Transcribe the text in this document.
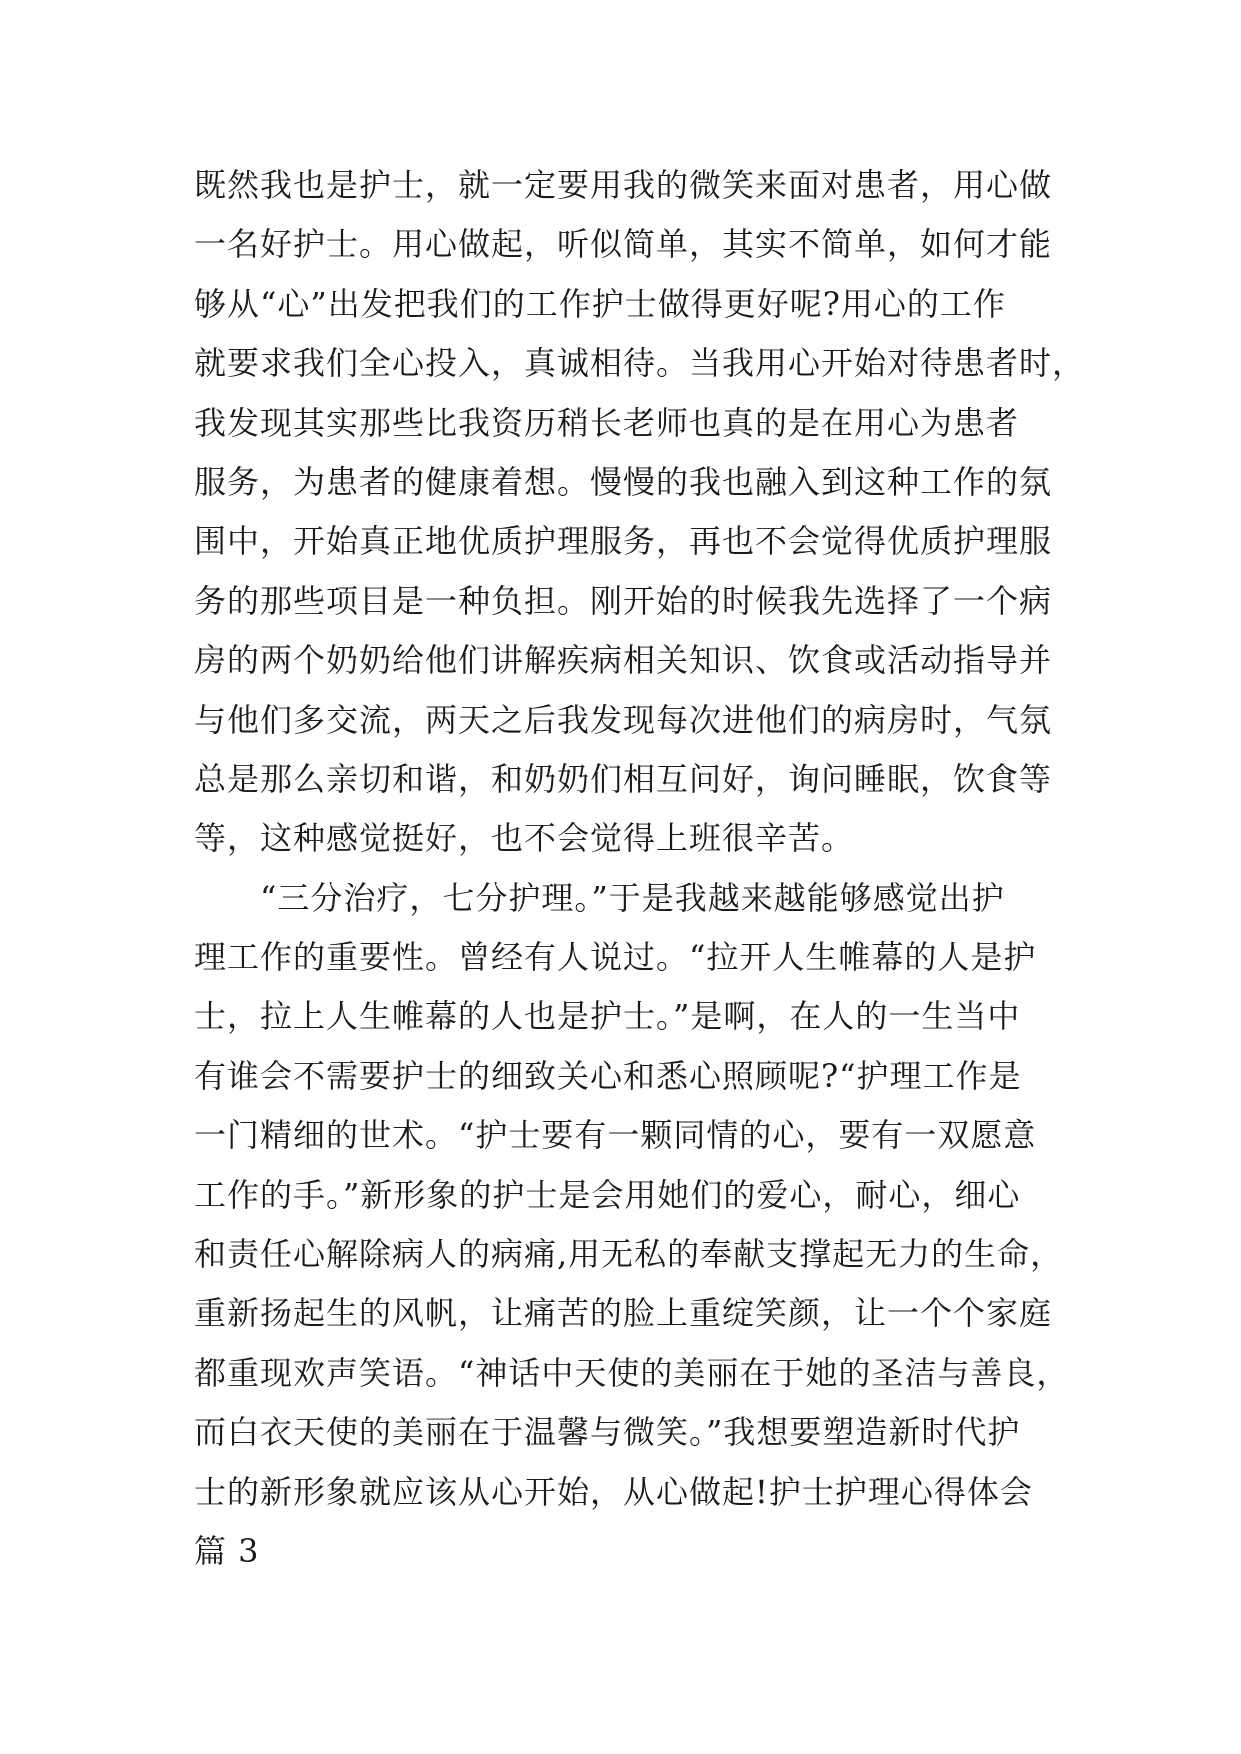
既然我也是护士，就一定要用我的微笑来面对患者，用心做
一名好护士。用心做起，听似简单，其实不简单，如何才能
够从“心”出发把我们的工作护士做得更好呢?用心的工作
就要求我们全心投入，真诚相待。当我用心开始对待患者时，
我发现其实那些比我资历稍长老师也真的是在用心为患者
服务，为患者的健康着想。慢慢的我也融入到这种工作的氛
围中，开始真正地优质护理服务，再也不会觉得优质护理服
务的那些项目是一种负担。刚开始的时候我先选择了一个病
房的两个奶奶给他们讲解疾病相关知识、饮食或活动指导并
与他们多交流，两天之后我发现每次进他们的病房时，气氛
总是那么亲切和谐，和奶奶们相互问好，询问睡眠，饮食等
等，这种感觉挺好，也不会觉得上班很辛苦。
　　“三分治疗，七分护理。”于是我越来越能够感觉出护
理工作的重要性。曾经有人说过。“拉开人生帷幕的人是护
士，拉上人生帷幕的人也是护士。”是啊，在人的一生当中
有谁会不需要护士的细致关心和悉心照顾呢?“护理工作是
一门精细的世术。“护士要有一颗同情的心，要有一双愿意
工作的手。”新形象的护士是会用她们的爱心，耐心，细心
和责任心解除病人的病痛,用无私的奉献支撑起无力的生命，
重新扬起生的风帆，让痛苦的脸上重绽笑颜，让一个个家庭
都重现欢声笑语。“神话中天使的美丽在于她的圣洁与善良，
而白衣天使的美丽在于温馨与微笑。”我想要塑造新时代护
士的新形象就应该从心开始，从心做起!护士护理心得体会
篇 3
